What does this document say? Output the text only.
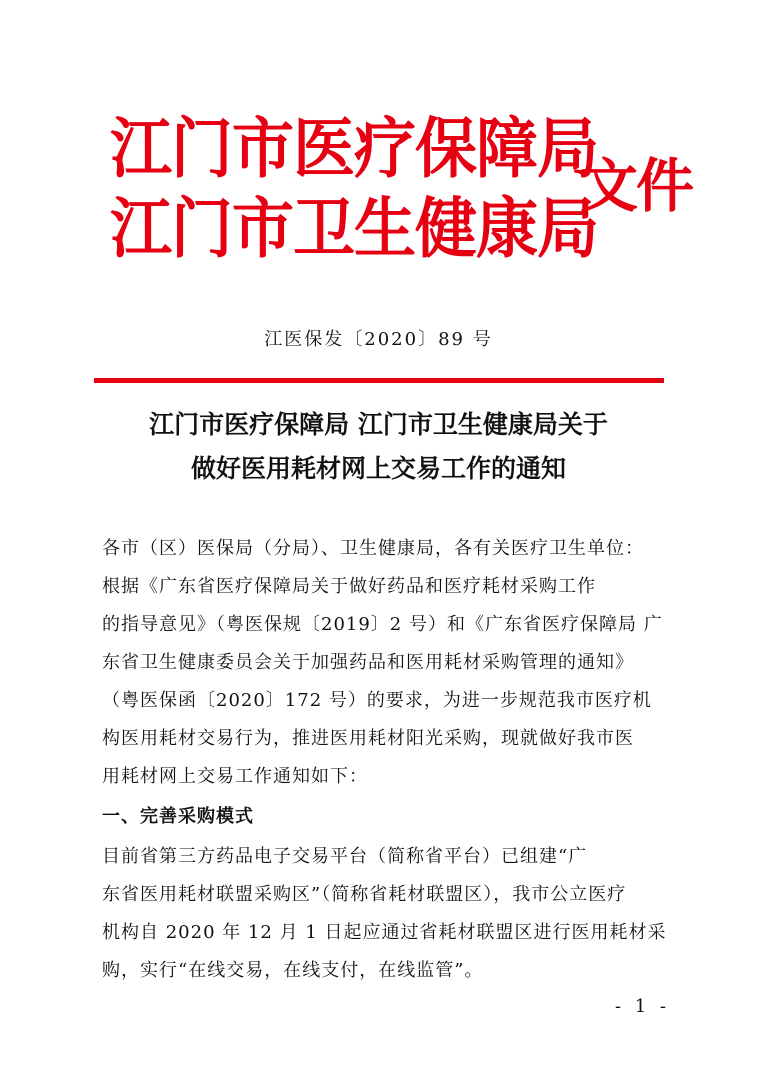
江门市医疗保障局
江门市卫生健康局
文件
江医保发〔2020〕89 号
江门市医疗保障局 江门市卫生健康局关于
做好医用耗材网上交易工作的通知
各市（区）医保局（分局）、卫生健康局，各有关医疗卫生单位：
根据《广东省医疗保障局关于做好药品和医疗耗材采购工作
的指导意见》（粤医保规〔2019〕2 号）和《广东省医疗保障局 广
东省卫生健康委员会关于加强药品和医用耗材采购管理的通知》
（粤医保函〔2020〕172 号）的要求，为进一步规范我市医疗机
构医用耗材交易行为，推进医用耗材阳光采购，现就做好我市医
用耗材网上交易工作通知如下：
一、完善采购模式
目前省第三方药品电子交易平台（简称省平台）已组建“广
东省医用耗材联盟采购区”（简称省耗材联盟区），我市公立医疗
机构自 2020 年 12 月 1 日起应通过省耗材联盟区进行医用耗材采
购，实行“在线交易，在线支付，在线监管”。
- 1 -
